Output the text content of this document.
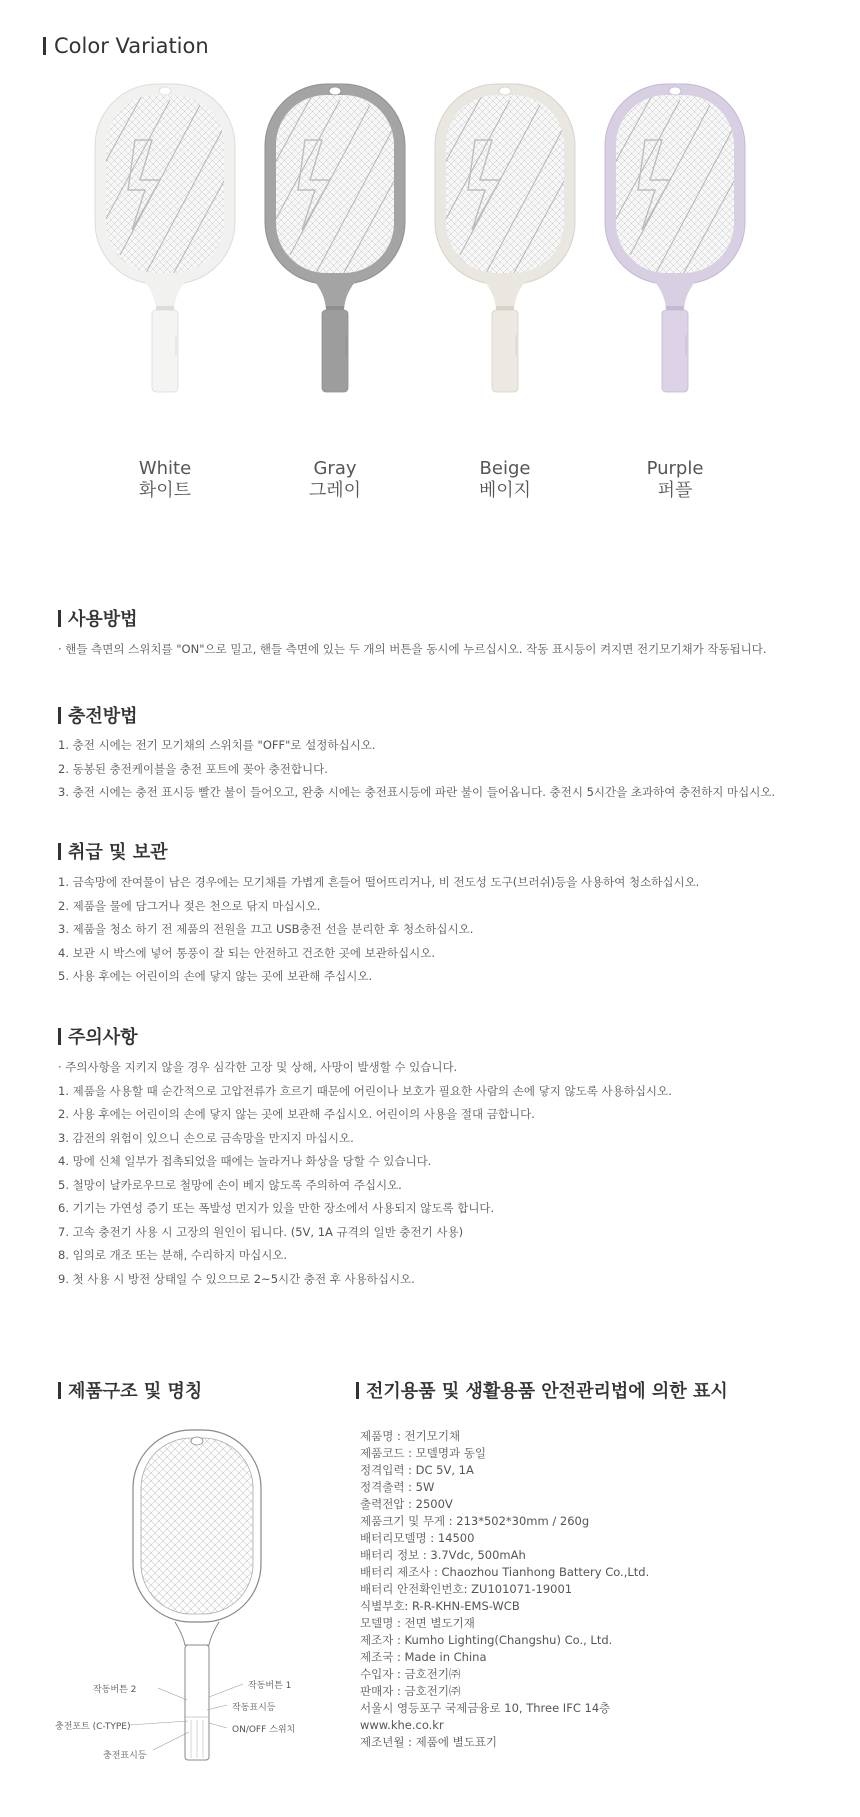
Color Variation
White
화이트
Gray
그레이
Beige
베이지
Purple
퍼플
사용방법
· 핸들 측면의 스위치를 "ON"으로 밀고, 핸들 측면에 있는 두 개의 버튼을 동시에 누르십시오. 작동 표시등이 켜지면 전기모기채가 작동됩니다.
충전방법
1. 충전 시에는 전기 모기채의 스위치를 "OFF"로 설정하십시오.
2. 동봉된 충전케이블을 충전 포트에 꽂아 충전합니다.
3. 충전 시에는 충전 표시등 빨간 불이 들어오고, 완충 시에는 충전표시등에 파란 불이 들어옵니다. 충전시 5시간을 초과하여 충전하지 마십시오.
취급 및 보관
1. 금속망에 잔여물이 남은 경우에는 모기채를 가볍게 흔들어 떨어뜨리거나, 비 전도성 도구(브러쉬)등을 사용하여 청소하십시오.
2. 제품을 물에 담그거나 젖은 천으로 닦지 마십시오.
3. 제품을 청소 하기 전 제품의 전원을 끄고 USB충전 선을 분리한 후 청소하십시오.
4. 보관 시 박스에 넣어 통풍이 잘 되는 안전하고 건조한 곳에 보관하십시오.
5. 사용 후에는 어린이의 손에 닿지 않는 곳에 보관해 주십시오.
주의사항
· 주의사항을 지키지 않을 경우 심각한 고장 및 상해, 사망이 발생할 수 있습니다.
1. 제품을 사용할 때 순간적으로 고압전류가 흐르기 때문에 어린이나 보호가 필요한 사람의 손에 닿지 않도록 사용하십시오.
2. 사용 후에는 어린이의 손에 닿지 않는 곳에 보관해 주십시오. 어린이의 사용을 절대 금합니다.
3. 감전의 위험이 있으니 손으로 금속망을 만지지 마십시오.
4. 망에 신체 일부가 접촉되었을 때에는 놀라거나 화상을 당할 수 있습니다.
5. 철망이 날카로우므로 철망에 손이 베지 않도록 주의하여 주십시오.
6. 기기는 가연성 증기 또는 폭발성 먼지가 있을 만한 장소에서 사용되지 않도록 합니다.
7. 고속 충전기 사용 시 고장의 원인이 됩니다. (5V, 1A 규격의 일반 충전기 사용)
8. 임의로 개조 또는 분해, 수리하지 마십시오.
9. 첫 사용 시 방전 상태일 수 있으므로 2~5시간 충전 후 사용하십시오.
제품구조 및 명칭
작동버튼 2	작동버튼 1
작동표시등
충전포트 (C-TYPE)	ON/OFF 스위치
충전표시등
전기용품 및 생활용품 안전관리법에 의한 표시
제품명 : 전기모기채
제품코드 : 모델명과 동일
정격입력 : DC 5V, 1A
정격출력 : 5W
출력전압 : 2500V
제품크기 및 무게 : 213*502*30mm / 260g
배터리모델명 : 14500
배터리 정보 : 3.7Vdc, 500mAh
배터리 제조사 : Chaozhou Tianhong Battery Co.,Ltd.
배터리 안전확인번호: ZU101071-19001
식별부호: R-R-KHN-EMS-WCB
모델명 : 전면 별도기재
제조자 : Kumho Lighting(Changshu) Co., Ltd.
제조국 : Made in China
수입자 : 금호전기㈜
판매자 : 금호전기㈜
서울시 영등포구 국제금융로 10, Three IFC 14층
www.khe.co.kr
제조년월 : 제품에 별도표기
